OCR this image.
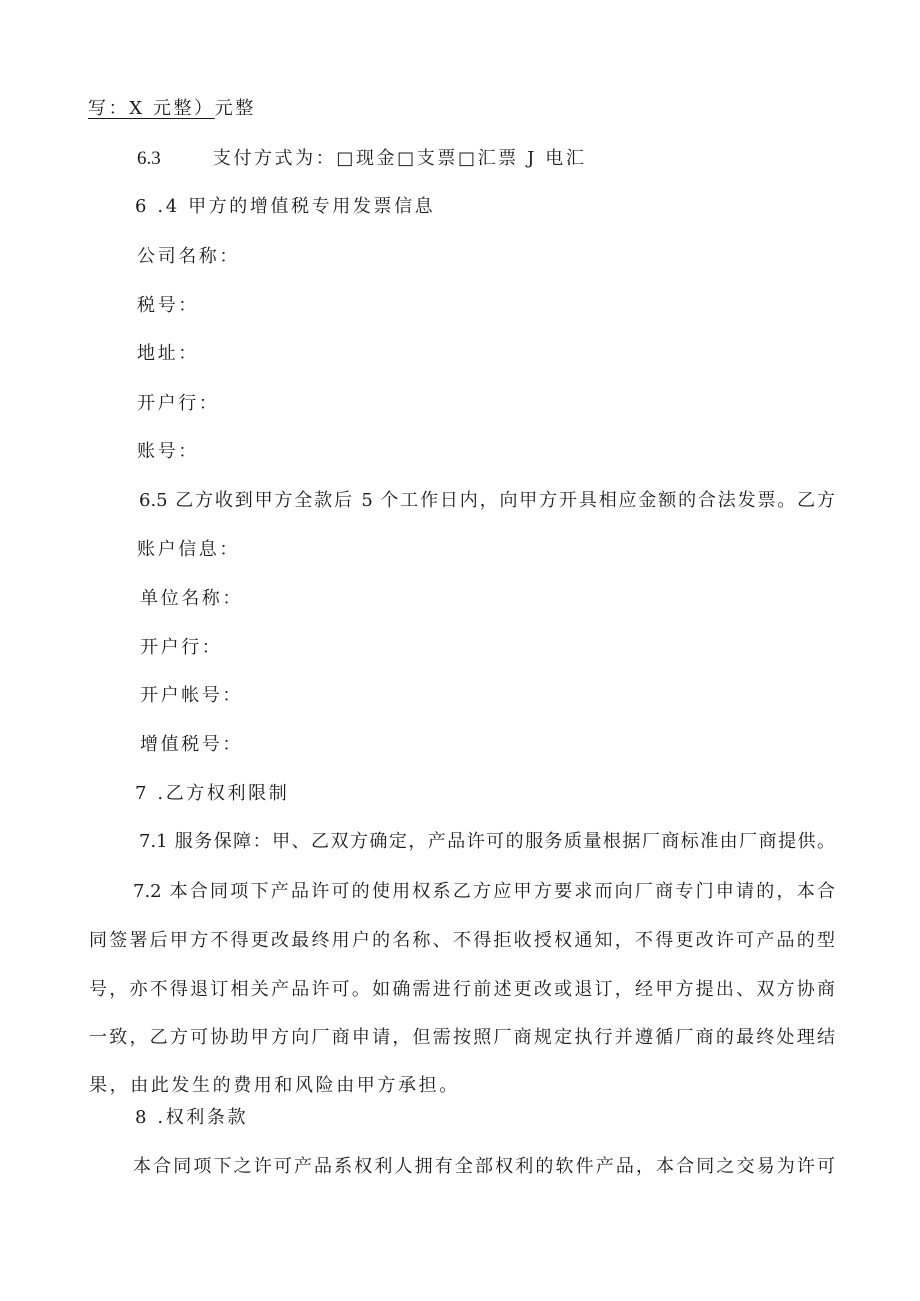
写：X 元整）元整
6.3	支付方式为：□现金□支票□汇票 J 电汇
6 .4 甲方的增值税专用发票信息
公司名称：
税号：
地址：
开户行：
账号：
6.5 乙方收到甲方全款后 5 个工作日内，向甲方开具相应金额的合法发票。乙方
账户信息：
单位名称：
开户行：
开户帐号：
增值税号：
7 .乙方权利限制
7.1 服务保障：甲、乙双方确定，产品许可的服务质量根据厂商标准由厂商提供。
7.2 本合同项下产品许可的使用权系乙方应甲方要求而向厂商专门申请的，本合
同签署后甲方不得更改最终用户的名称、不得拒收授权通知，不得更改许可产品的型
号，亦不得退订相关产品许可。如确需进行前述更改或退订，经甲方提出、双方协商
一致，乙方可协助甲方向厂商申请，但需按照厂商规定执行并遵循厂商的最终处理结
果，由此发生的费用和风险由甲方承担。
8 .权利条款
本合同项下之许可产品系权利人拥有全部权利的软件产品，本合同之交易为许可
